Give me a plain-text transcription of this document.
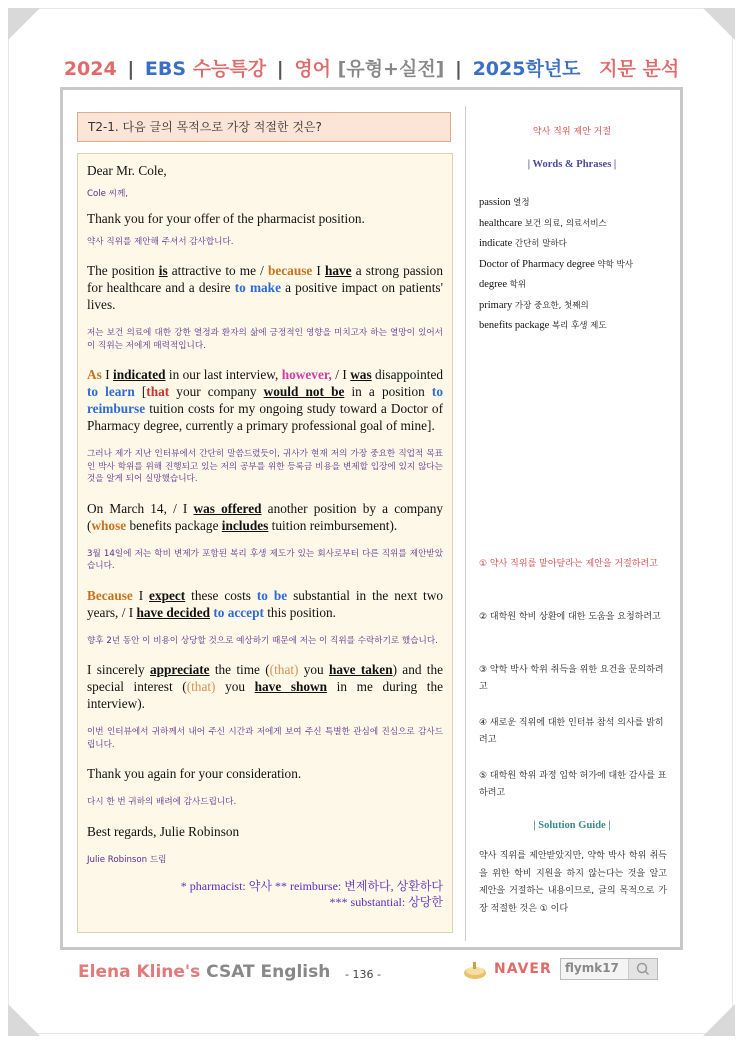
2024 | EBS 수능특강 | 영어 [유형+실전] | 2025학년도 지문 분석
T2-1. 다음 글의 목적으로 가장 적절한 것은?
Dear Mr. Cole,
Cole 씨께,
Thank you for your offer of the pharmacist position.
약사 직위를 제안해 주셔서 감사합니다.
The position is attractive to me / because I have a strong passion for healthcare and a desire to make a positive impact on patients' lives.
저는 보건 의료에 대한 강한 열정과 환자의 삶에 긍정적인 영향을 미치고자 하는 열망이 있어서 이 직위는 저에게 매력적입니다.
As I indicated in our last interview, however, / I was disappointed to learn [that your company would not be in a position to reimburse tuition costs for my ongoing study toward a Doctor of Pharmacy degree, currently a primary professional goal of mine].
그러나 제가 지난 인터뷰에서 간단히 말씀드렸듯이, 귀사가 현재 저의 가장 중요한 직업적 목표인 박사 학위를 위해 진행되고 있는 저의 공부를 위한 등록금 비용을 변제할 입장에 있지 않다는 것을 알게 되어 실망했습니다.
On March 14, / I was offered another position by a company (whose benefits package includes tuition reimbursement).
3월 14일에 저는 학비 변제가 포함된 복리 후생 제도가 있는 회사로부터 다른 직위를 제안받았습니다.
Because I expect these costs to be substantial in the next two years, / I have decided to accept this position.
향후 2년 동안 이 비용이 상당할 것으로 예상하기 때문에 저는 이 직위를 수락하기로 했습니다.
I sincerely appreciate the time ((that) you have taken) and the special interest ((that) you have shown in me during the interview).
이번 인터뷰에서 귀하께서 내어 주신 시간과 저에게 보여 주신 특별한 관심에 진심으로 감사드립니다.
Thank you again for your consideration.
다시 한 번 귀하의 배려에 감사드립니다.
Best regards, Julie Robinson
Julie Robinson 드림
* pharmacist: 약사 ** reimburse: 변제하다, 상환하다
*** substantial: 상당한
약사 직위 제안 거절
| Words & Phrases |
passion 열정
healthcare 보건 의료, 의료서비스
indicate 간단히 말하다
Doctor of Pharmacy degree 약학 박사
degree 학위
primary 가장 중요한, 첫째의
benefits package 복리 후생 제도
① 약사 직위를 맡아달라는 제안을 거절하려고
② 대학원 학비 상환에 대한 도움을 요청하려고
③ 약학 박사 학위 취득을 위한 요건을 문의하려고
④ 새로운 직위에 대한 인터뷰 참석 의사를 밝히려고
⑤ 대학원 학위 과정 입학 허가에 대한 감사를 표하려고
| Solution Guide |
약사 직위를 제안받았지만, 약학 박사 학위 취득을 위한 학비 지원을 하지 않는다는 것을 알고 제안을 거절하는 내용이므로, 글의 목적으로 가장 적절한 것은 ① 이다
Elena Kline's CSAT English - 136 -	NAVER flymk17
